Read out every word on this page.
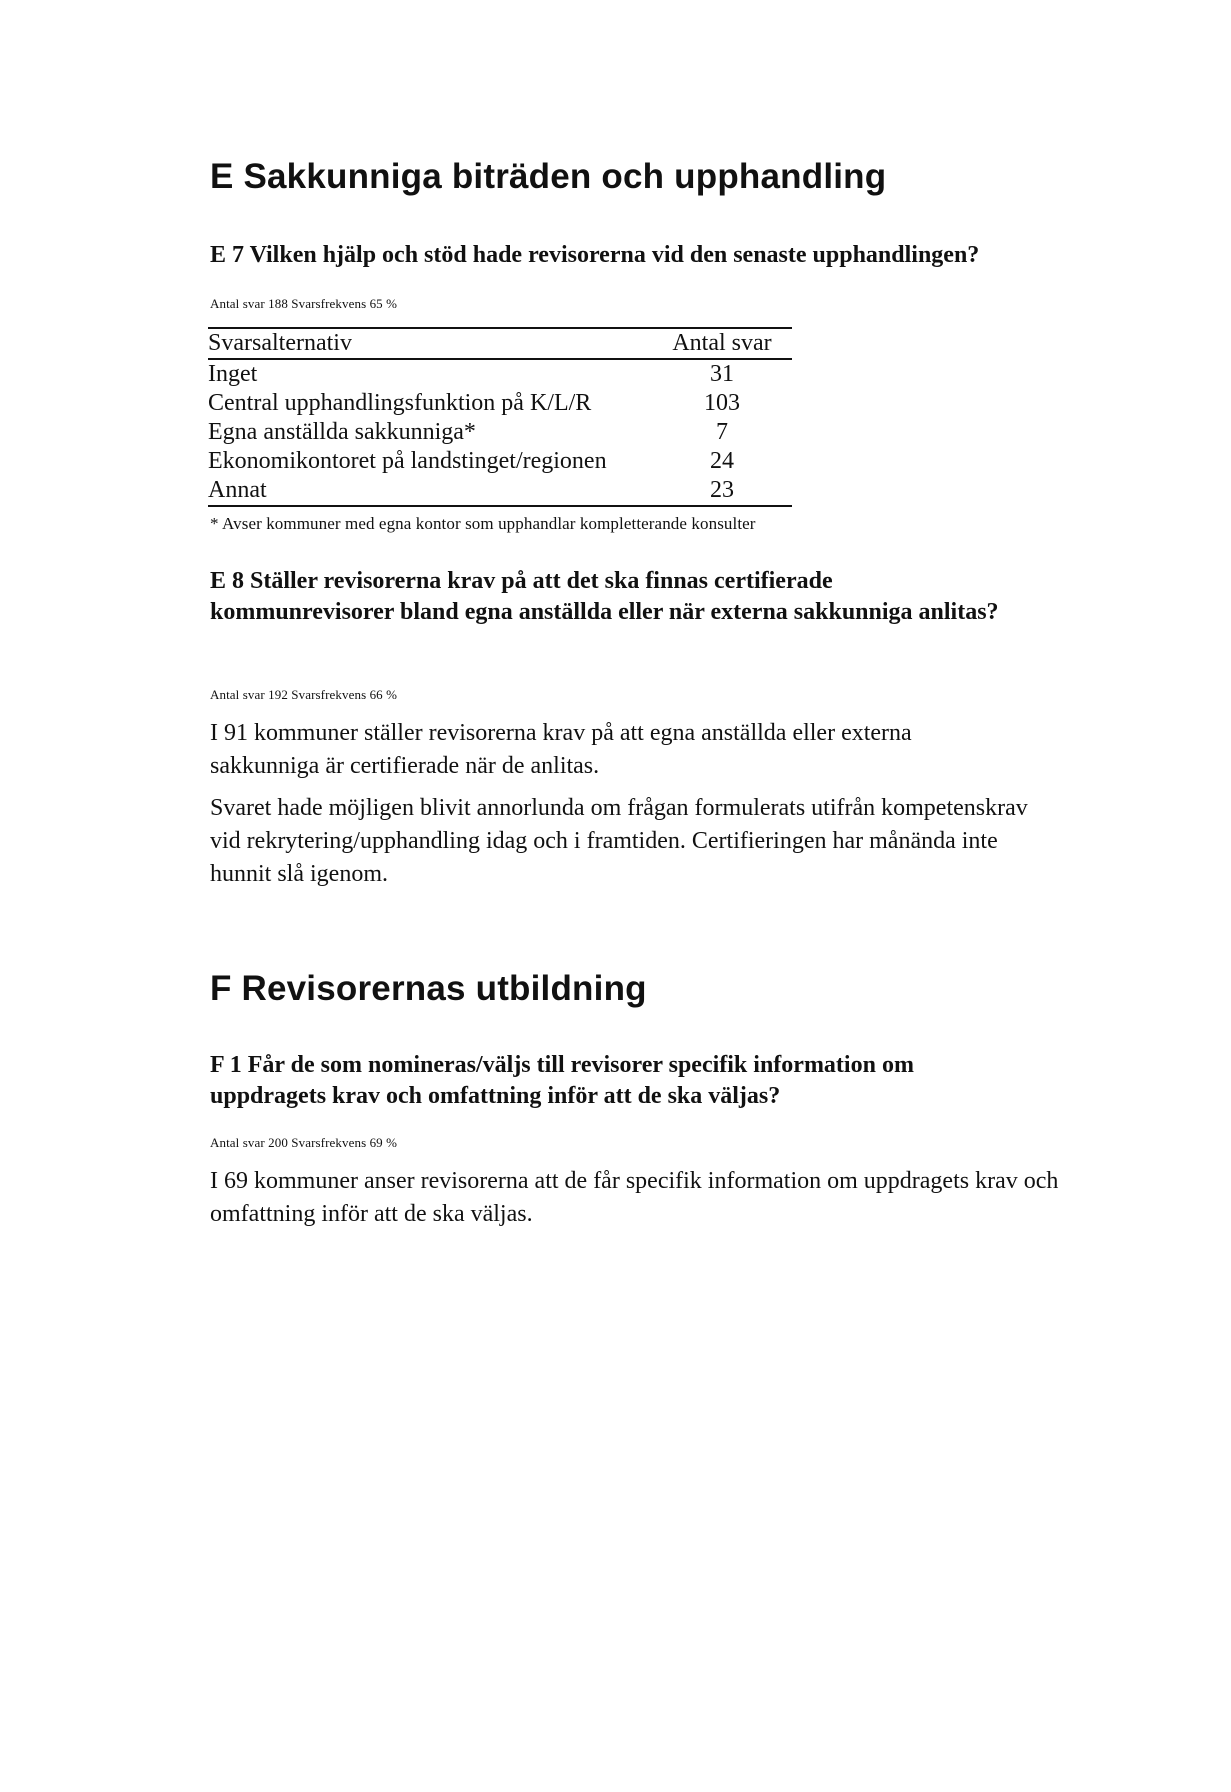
E Sakkunniga biträden och upphandling
E 7 Vilken hjälp och stöd hade revisorerna vid den senaste upphandlingen?

Antal svar 188 Svarsfrekvens 65 %

Svarsalternativ	Antal svar
Inget	31
Central upphandlingsfunktion på K/L/R	103
Egna anställda sakkunniga*	7
Ekonomikontoret på landstinget/regionen	24
Annat	23

* Avser kommuner med egna kontor som upphandlar kompletterande konsulter

E 8 Ställer revisorerna krav på att det ska finnas certifierade kommunrevisorer bland egna anställda eller när externa sakkunniga anlitas?

Antal svar 192 Svarsfrekvens 66 %

I 91 kommuner ställer revisorerna krav på att egna anställda eller externa sakkunniga är certifierade när de anlitas.

Svaret hade möjligen blivit annorlunda om frågan formulerats utifrån kompetenskrav vid rekrytering/upphandling idag och i framtiden. Certifieringen har månända inte hunnit slå igenom.

F Revisorernas utbildning
F 1 Får de som nomineras/väljs till revisorer specifik information om uppdragets krav och omfattning inför att de ska väljas?

Antal svar 200 Svarsfrekvens 69 %

I 69 kommuner anser revisorerna att de får specifik information om uppdragets krav och omfattning inför att de ska väljas.
